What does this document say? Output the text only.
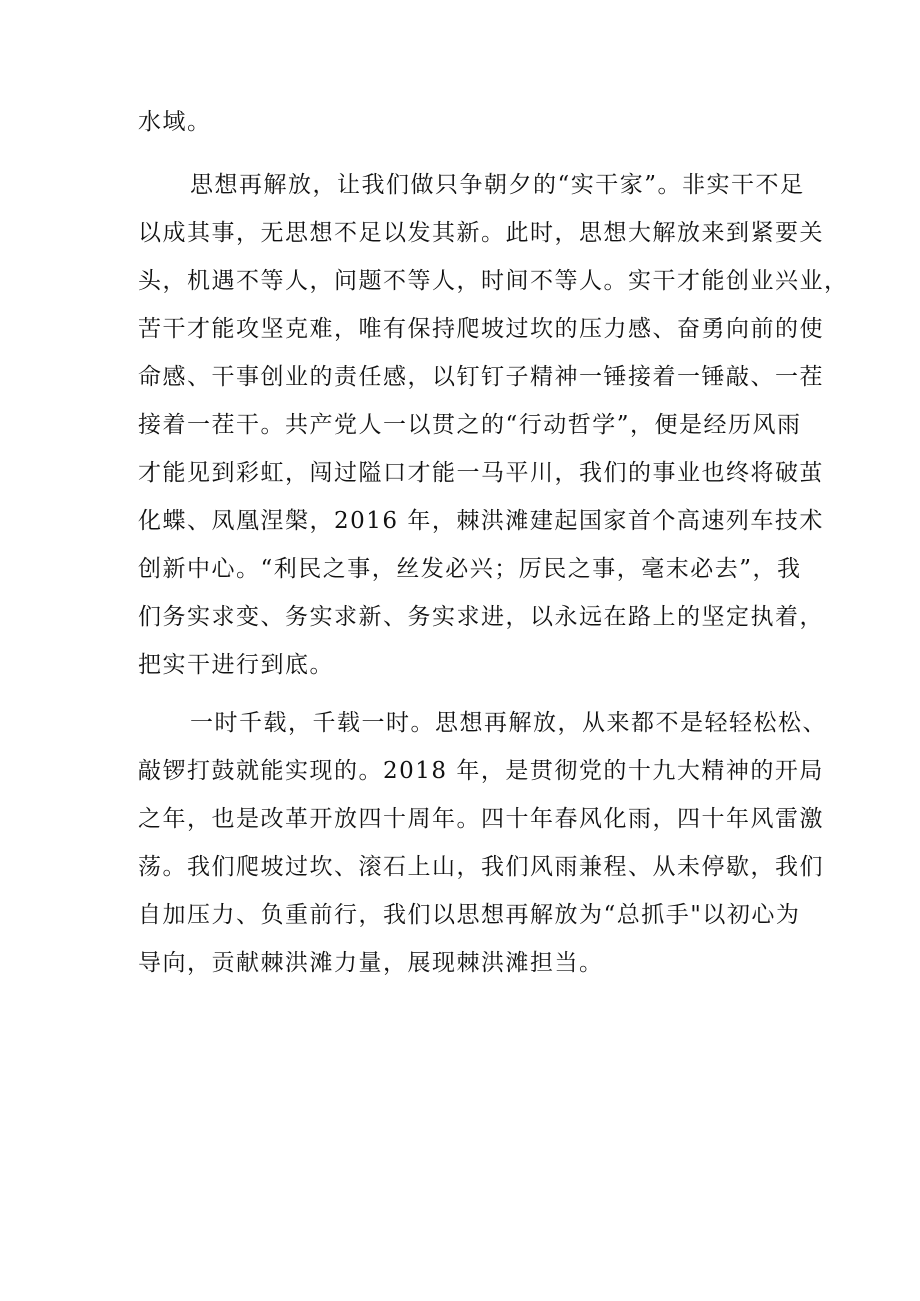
水域。
思想再解放，让我们做只争朝夕的“实干家”。非实干不足
以成其事，无思想不足以发其新。此时，思想大解放来到紧要关
头，机遇不等人，问题不等人，时间不等人。实干才能创业兴业，
苦干才能攻坚克难，唯有保持爬坡过坎的压力感、奋勇向前的使
命感、干事创业的责任感，以钉钉子精神一锤接着一锤敲、一茬
接着一茬干。共产党人一以贯之的“行动哲学”，便是经历风雨
才能见到彩虹，闯过隘口才能一马平川，我们的事业也终将破茧
化蝶、凤凰涅槃，2016 年，棘洪滩建起国家首个高速列车技术
创新中心。“利民之事，丝发必兴；厉民之事，毫末必去”，我
们务实求变、务实求新、务实求进，以永远在路上的坚定执着，
把实干进行到底。
一时千载，千载一时。思想再解放，从来都不是轻轻松松、
敲锣打鼓就能实现的。2018 年，是贯彻党的十九大精神的开局
之年，也是改革开放四十周年。四十年春风化雨，四十年风雷激
荡。我们爬坡过坎、滚石上山，我们风雨兼程、从未停歇，我们
自加压力、负重前行，我们以思想再解放为“总抓手"以初心为
导向，贡献棘洪滩力量，展现棘洪滩担当。
